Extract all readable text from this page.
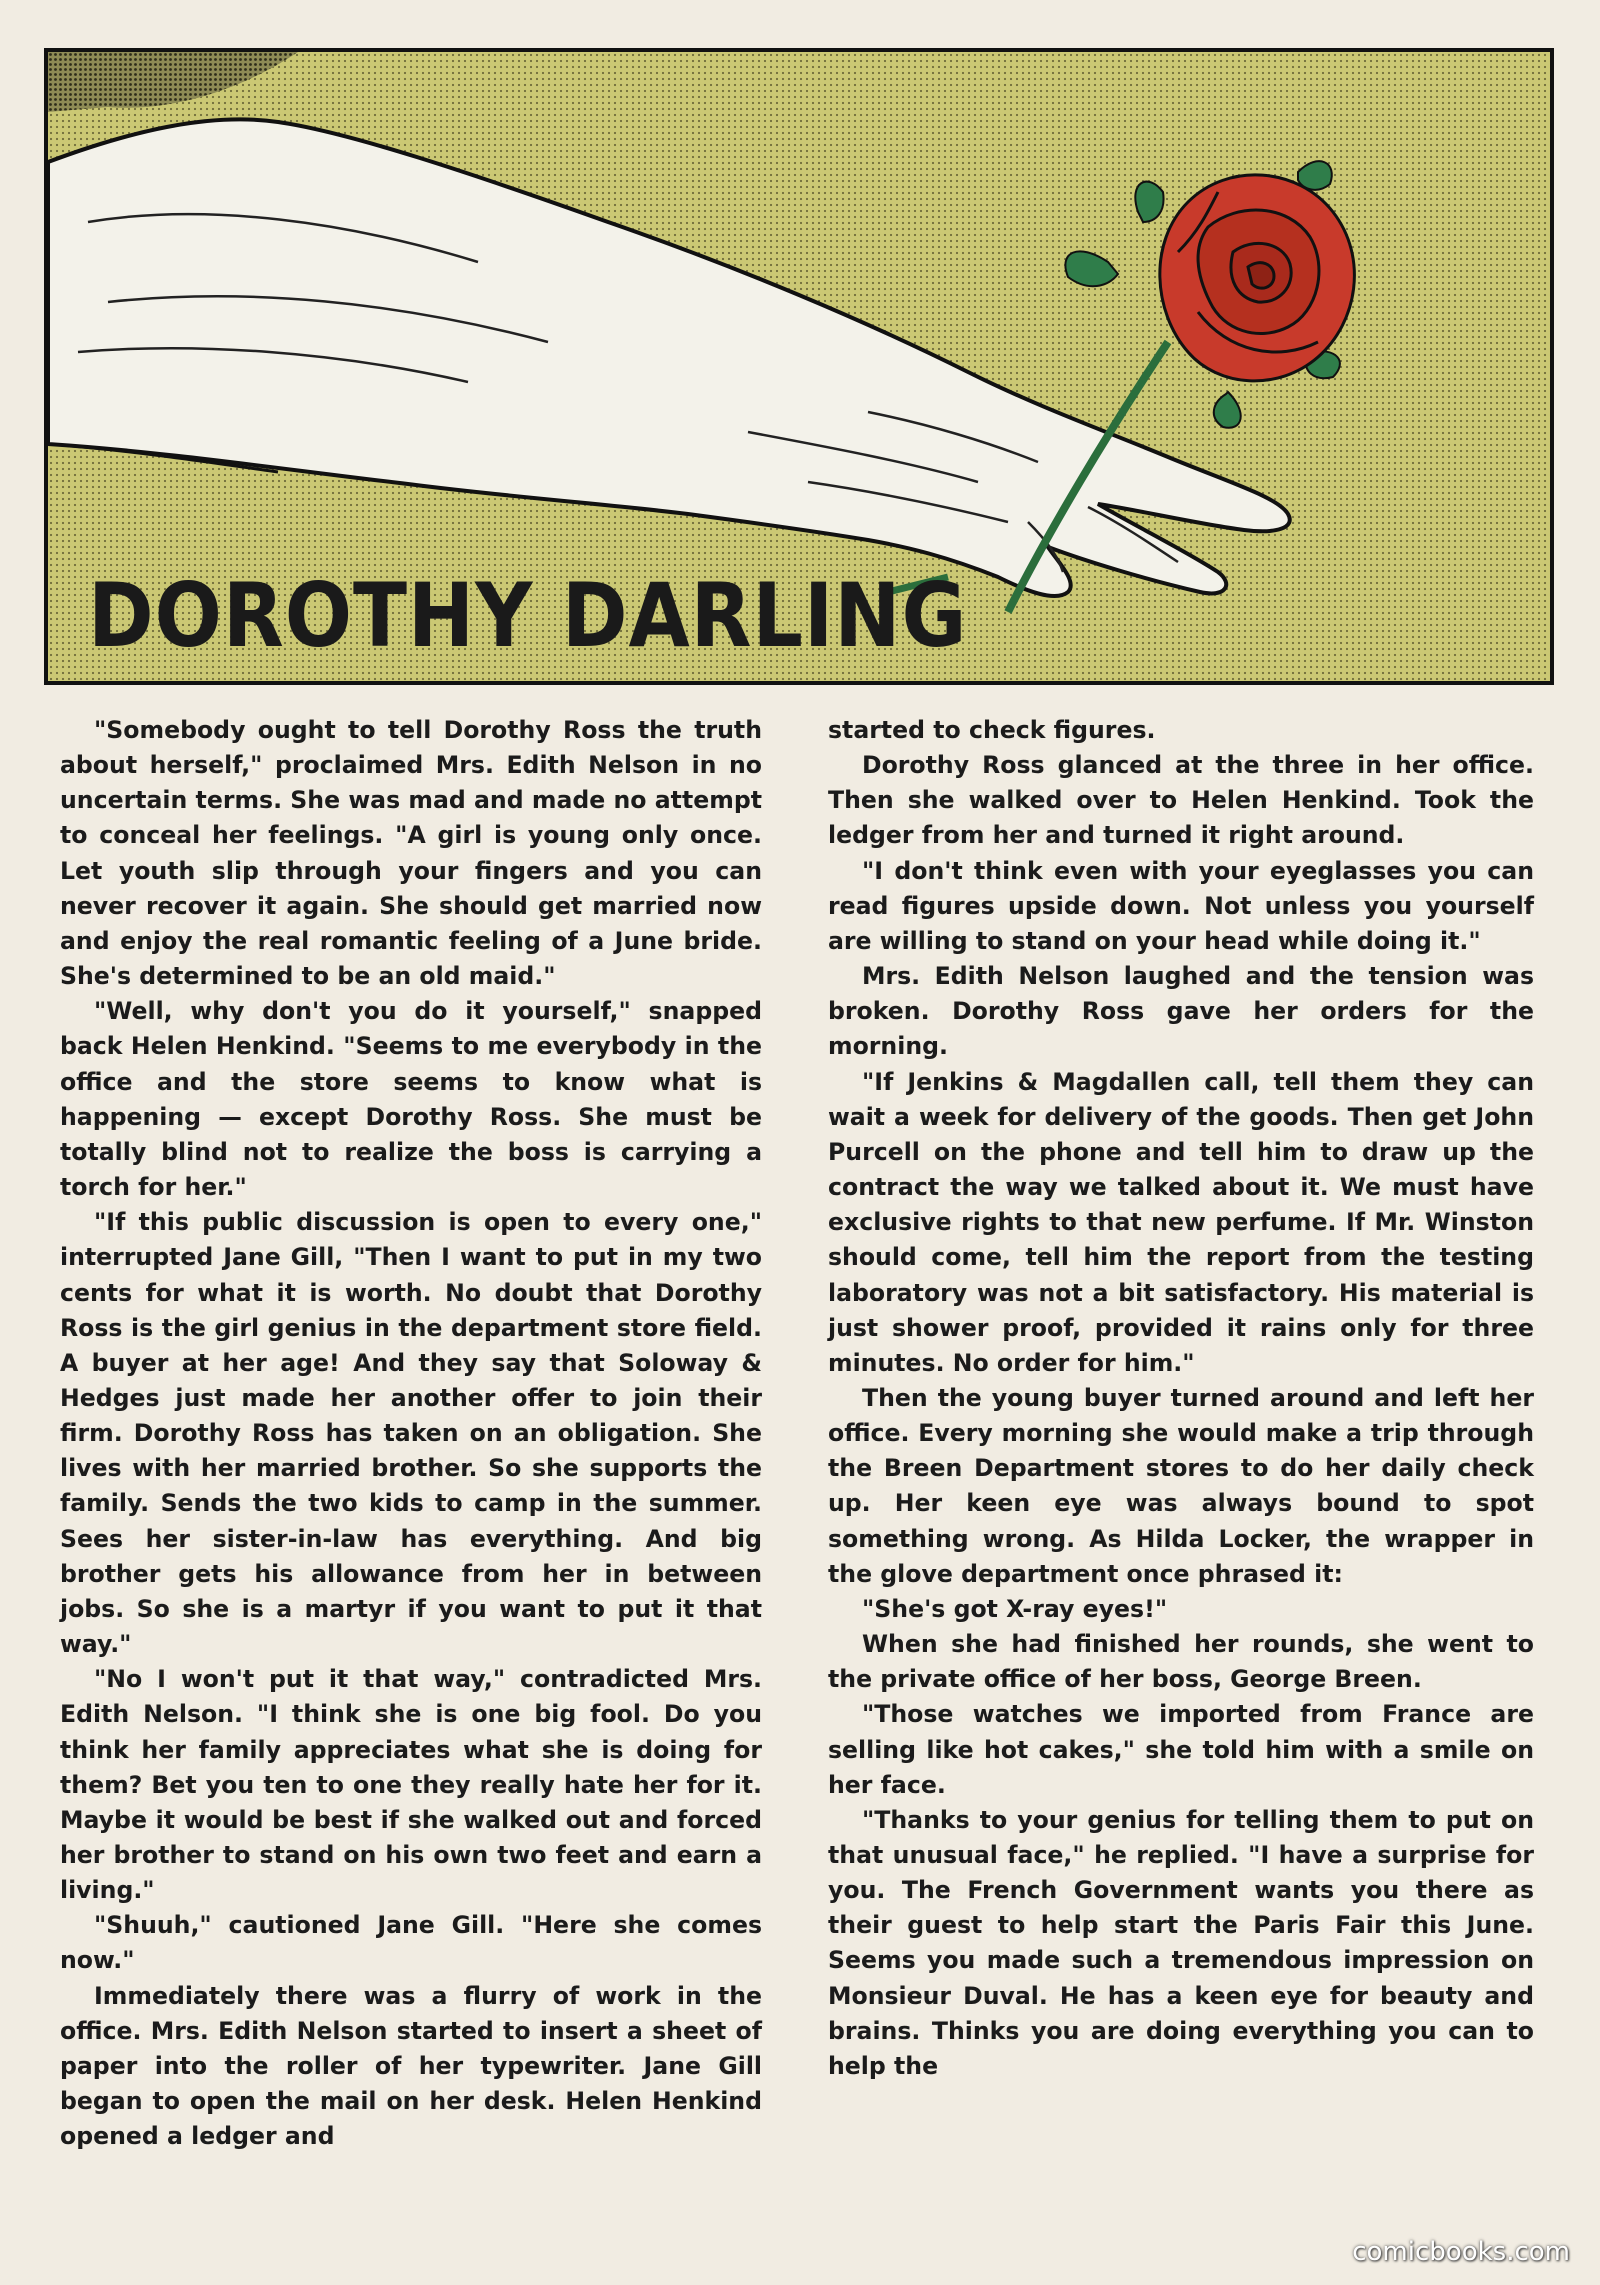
DOROTHY DARLING

"Somebody ought to tell Dorothy Ross the truth about herself," proclaimed Mrs. Edith Nelson in no uncertain terms. She was mad and made no attempt to conceal her feelings. "A girl is young only once. Let youth slip through your fingers and you can never recover it again. She should get married now and enjoy the real romantic feeling of a June bride. She's determined to be an old maid."

"Well, why don't you do it yourself," snapped back Helen Henkind. "Seems to me everybody in the office and the store seems to know what is happening — except Dorothy Ross. She must be totally blind not to realize the boss is carrying a torch for her."

"If this public discussion is open to every one," interrupted Jane Gill, "Then I want to put in my two cents for what it is worth. No doubt that Dorothy Ross is the girl genius in the department store field. A buyer at her age! And they say that Soloway & Hedges just made her another offer to join their firm. Dorothy Ross has taken on an obligation. She lives with her married brother. So she supports the family. Sends the two kids to camp in the summer. Sees her sister-in-law has everything. And big brother gets his allowance from her in between jobs. So she is a martyr if you want to put it that way."

"No I won't put it that way," contradicted Mrs. Edith Nelson. "I think she is one big fool. Do you think her family appreciates what she is doing for them? Bet you ten to one they really hate her for it. Maybe it would be best if she walked out and forced her brother to stand on his own two feet and earn a living."

"Shuuh," cautioned Jane Gill. "Here she comes now."

Immediately there was a flurry of work in the office. Mrs. Edith Nelson started to insert a sheet of paper into the roller of her typewriter. Jane Gill began to open the mail on her desk. Helen Henkind opened a ledger and

started to check figures.

Dorothy Ross glanced at the three in her office. Then she walked over to Helen Henkind. Took the ledger from her and turned it right around.

"I don't think even with your eyeglasses you can read figures upside down. Not unless you yourself are willing to stand on your head while doing it."

Mrs. Edith Nelson laughed and the tension was broken. Dorothy Ross gave her orders for the morning.

"If Jenkins & Magdallen call, tell them they can wait a week for delivery of the goods. Then get John Purcell on the phone and tell him to draw up the contract the way we talked about it. We must have exclusive rights to that new perfume. If Mr. Winston should come, tell him the report from the testing laboratory was not a bit satisfactory. His material is just shower proof, provided it rains only for three minutes. No order for him."

Then the young buyer turned around and left her office. Every morning she would make a trip through the Breen Department stores to do her daily check up. Her keen eye was always bound to spot something wrong. As Hilda Locker, the wrapper in the glove department once phrased it:

"She's got X-ray eyes!"

When she had finished her rounds, she went to the private office of her boss, George Breen.

"Those watches we imported from France are selling like hot cakes," she told him with a smile on her face.

"Thanks to your genius for telling them to put on that unusual face," he replied. "I have a surprise for you. The French Government wants you there as their guest to help start the Paris Fair this June. Seems you made such a tremendous impression on Monsieur Duval. He has a keen eye for beauty and brains. Thinks you are doing everything you can to help the

comicbooks.com
